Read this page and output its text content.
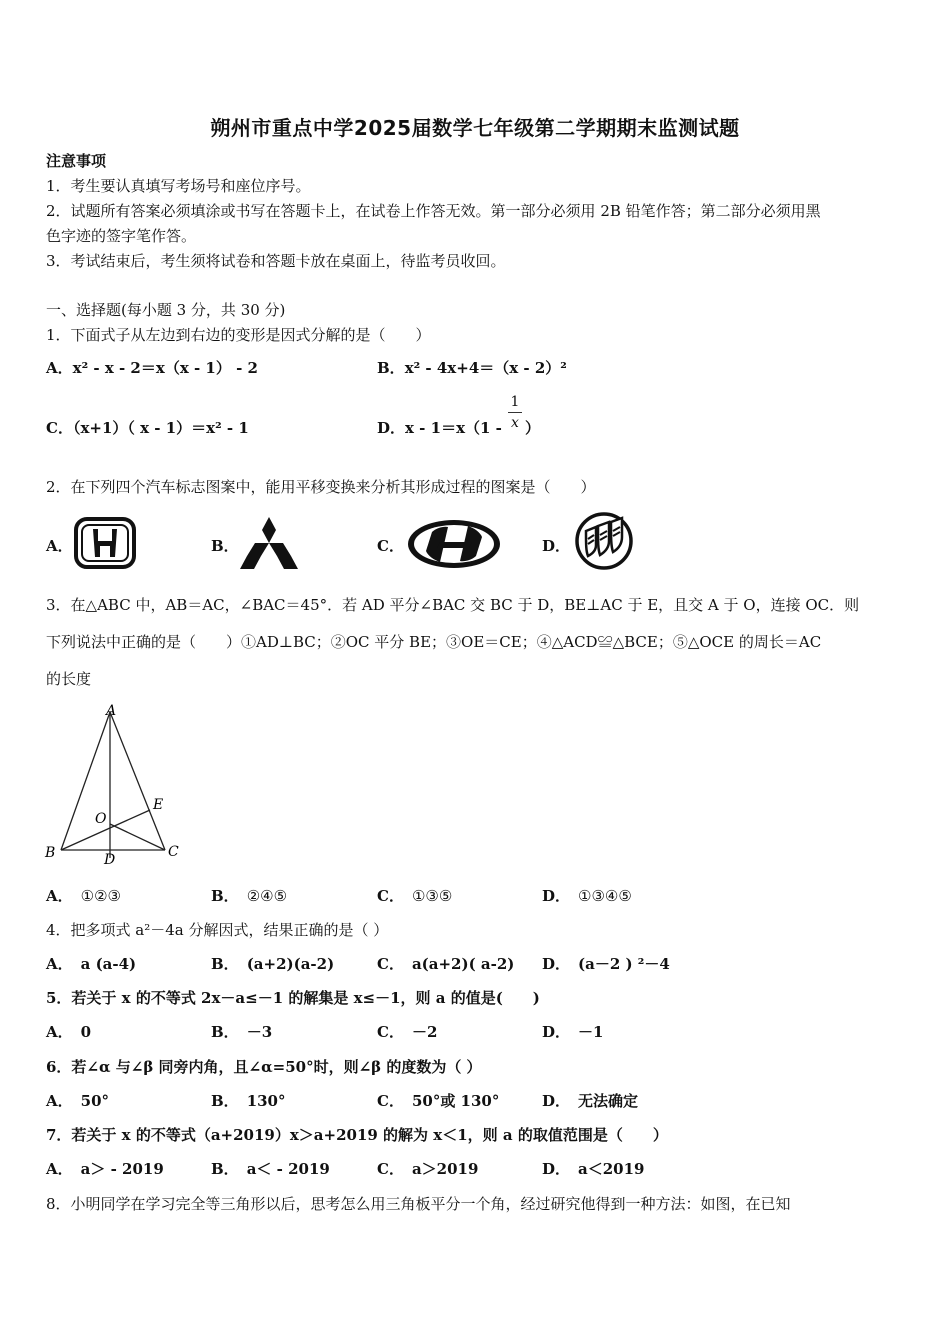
朔州市重点中学2025届数学七年级第二学期期末监测试题
注意事项
1．考生要认真填写考场号和座位序号。
2．试题所有答案必须填涂或书写在答题卡上，在试卷上作答无效。第一部分必须用 2B 铅笔作答；第二部分必须用黑
色字迹的签字笔作答。
3．考试结束后，考生须将试卷和答题卡放在桌面上，待监考员收回。
一、选择题(每小题 3 分，共 30 分)
1．下面式子从左边到右边的变形是因式分解的是（　　）
A．x² - x - 2＝x（x - 1） - 2	B．x² - 4x+4＝（x - 2）²
C．（x+1）（ x - 1）＝x² - 1	D．x - 1＝x（1 -
1
x ）
2．在下列四个汽车标志图案中，能用平移变换来分析其形成过程的图案是（　　）
A．	B．	C．	D．
3．在△ABC 中，AB＝AC，∠BAC＝45°．若 AD 平分∠BAC 交 BC 于 D，BE⊥AC 于 E，且交 A 于 O，连接 OC．则
下列说法中正确的是（　　）①AD⊥BC；②OC 平分 BE；③OE＝CE；④△ACD≌△BCE；⑤△OCE 的周长＝AC
的长度
A
B	C
D
E
O
A． ①②③	B． ②④⑤	C． ①③⑤	D． ①③④⑤
4．把多项式 a²－4a 分解因式，结果正确的是（ ）
A． a (a-4)	B． (a+2)(a-2)	C． a(a+2)( a-2) D． (a－2 ) ²－4
5．若关于 x 的不等式 2x－a≤－1 的解集是 x≤－1，则 a 的值是(　　)
A． 0	B． －3	C． －2	D． －1
6．若∠α 与∠β 同旁内角，且∠α=50°时，则∠β 的度数为（ ）
A． 50°	B． 130°	C． 50°或 130°	D． 无法确定
7．若关于 x 的不等式（a+2019）x＞a+2019 的解为 x＜1，则 a 的取值范围是（　　）
A． a＞ - 2019	B． a＜ - 2019	C． a＞2019	D． a＜2019
8．小明同学在学习完全等三角形以后，思考怎么用三角板平分一个角，经过研究他得到一种方法：如图，在已知
